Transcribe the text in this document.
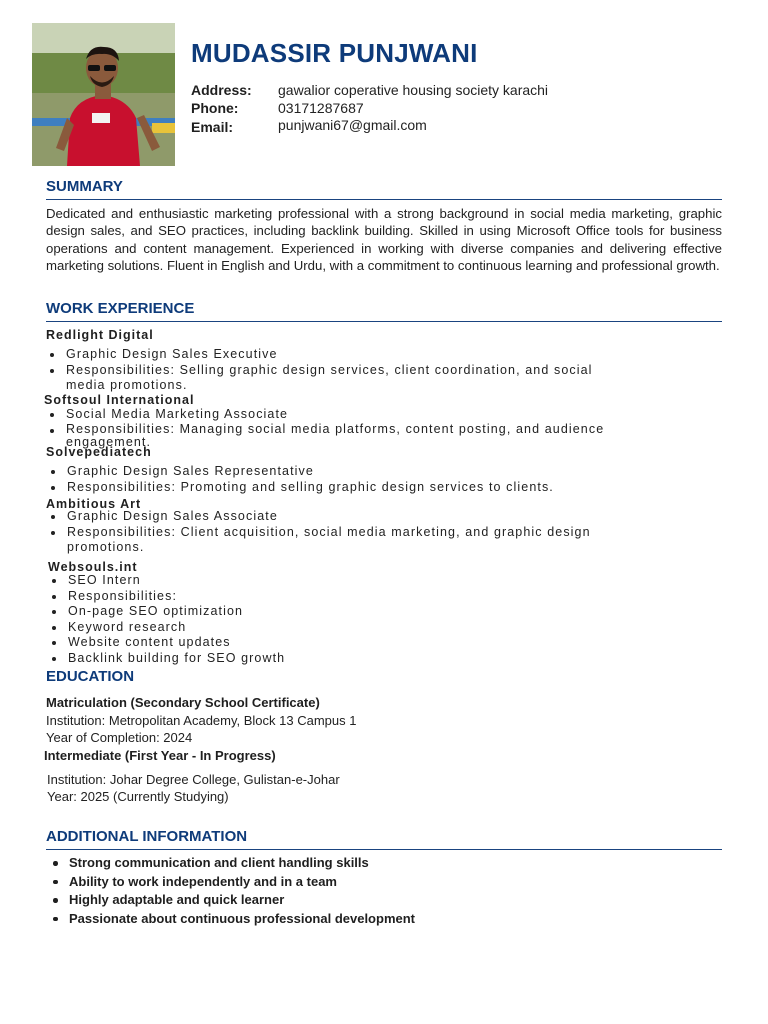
MUDASSIR PUNJWANI
Address: gawalior coperative housing society karachi
Phone:	03171287687
Email:	punjwani67@gmail.com
SUMMARY

Dedicated and enthusiastic marketing professional with a strong background in social media marketing, graphic design sales, and SEO practices, including backlink building. Skilled in using Microsoft Office tools for business operations and content management. Experienced in working with diverse companies and delivering effective marketing solutions. Fluent in English and Urdu, with a commitment to continuous learning and professional growth.

WORK EXPERIENCE
Redlight Digital
Graphic Design Sales Executive
Responsibilities: Selling graphic design services, client coordination, and social media promotions.
Softsoul International
Social Media Marketing Associate
Responsibilities: Managing social media platforms, content posting, and audience engagement.
Solvepediatech
Graphic Design Sales Representative
Responsibilities: Promoting and selling graphic design services to clients.
Ambitious Art
Graphic Design Sales Associate
Responsibilities: Client acquisition, social media marketing, and graphic design promotions.
Websouls.int
SEO Intern
Responsibilities:
On-page SEO optimization
Keyword research
Website content updates
Backlink building for SEO growth
EDUCATION
Matriculation (Secondary School Certificate)
Institution: Metropolitan Academy, Block 13 Campus 1
Year of Completion: 2024
Intermediate (First Year - In Progress)
Institution: Johar Degree College, Gulistan-e-Johar
Year: 2025 (Currently Studying)
ADDITIONAL INFORMATION
Strong communication and client handling skills
Ability to work independently and in a team
Highly adaptable and quick learner
Passionate about continuous professional development
